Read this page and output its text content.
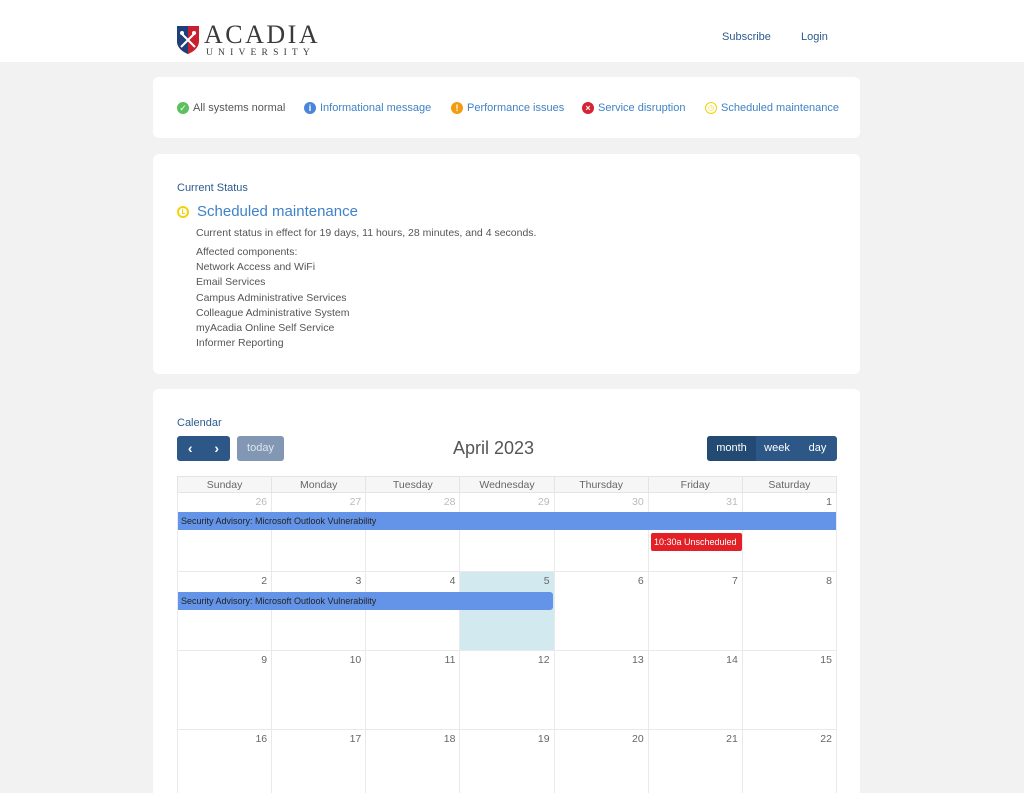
ACADIA
UNIVERSITY
Subscribe	Login
✓ All systems normal	i Informational message	! Performance issues	× Service disruption	◷ Scheduled maintenance
Current Status
Scheduled maintenance
Current status in effect for 19 days, 11 hours, 28 minutes, and 4 seconds.
Affected components:
Network Access and WiFi
Email Services
Campus Administrative Services
Colleague Administrative System
myAcadia Online Self Service
Informer Reporting
Calendar
‹	›	today	April 2023	month	week	day
Sunday	Monday	Tuesday	Wednesday	Thursday	Friday	Saturday
26	27	28	29	30	31	1
Security Advisory: Microsoft Outlook Vulnerability
10:30a Unscheduled
2	3	4	5	6	7	8
Security Advisory: Microsoft Outlook Vulnerability
9	10	11	12	13	14	15
16	17	18	19	20	21	22
